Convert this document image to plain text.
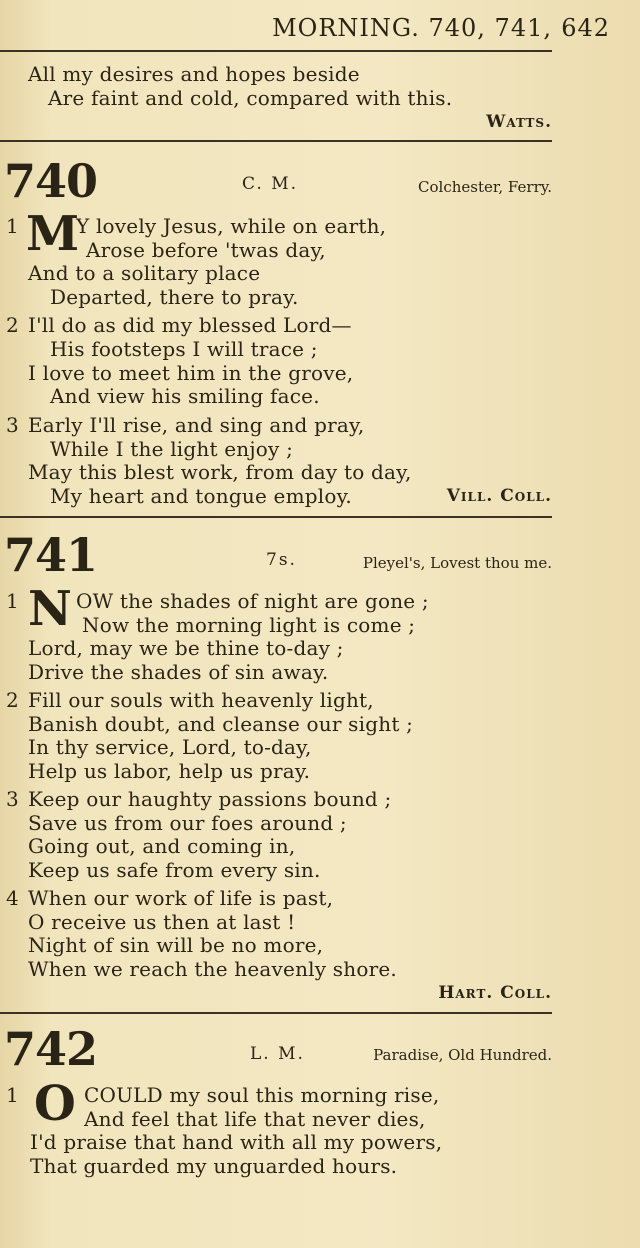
MORNING. 740, 741, 642
All my desires and hopes beside
Are faint and cold, compared with this.
Watts.
740	C. M.	Colchester, Ferry.
1 M
Y lovely Jesus, while on earth,
Arose before 'twas day,
And to a solitary place
Departed, there to pray.
2 I'll do as did my blessed Lord—
His footsteps I will trace ;
I love to meet him in the grove,
And view his smiling face.
3 Early I'll rise, and sing and pray,
While I the light enjoy ;
May this blest work, from day to day,
My heart and tongue employ.	Vill. Coll.
741	7s.	Pleyel's, Lovest thou me.
1 N OW the shades of night are gone ;
Now the morning light is come ;
Lord, may we be thine to-day ;
Drive the shades of sin away.
2 Fill our souls with heavenly light,
Banish doubt, and cleanse our sight ;
In thy service, Lord, to-day,
Help us labor, help us pray.
3 Keep our haughty passions bound ;
Save us from our foes around ;
Going out, and coming in,
Keep us safe from every sin.
4 When our work of life is past,
O receive us then at last !
Night of sin will be no more,
When we reach the heavenly shore.
Hart. Coll.
742	L. M.	Paradise, Old Hundred.
1 O COULD my soul this morning rise,
And feel that life that never dies,
I'd praise that hand with all my powers,
That guarded my unguarded hours.
